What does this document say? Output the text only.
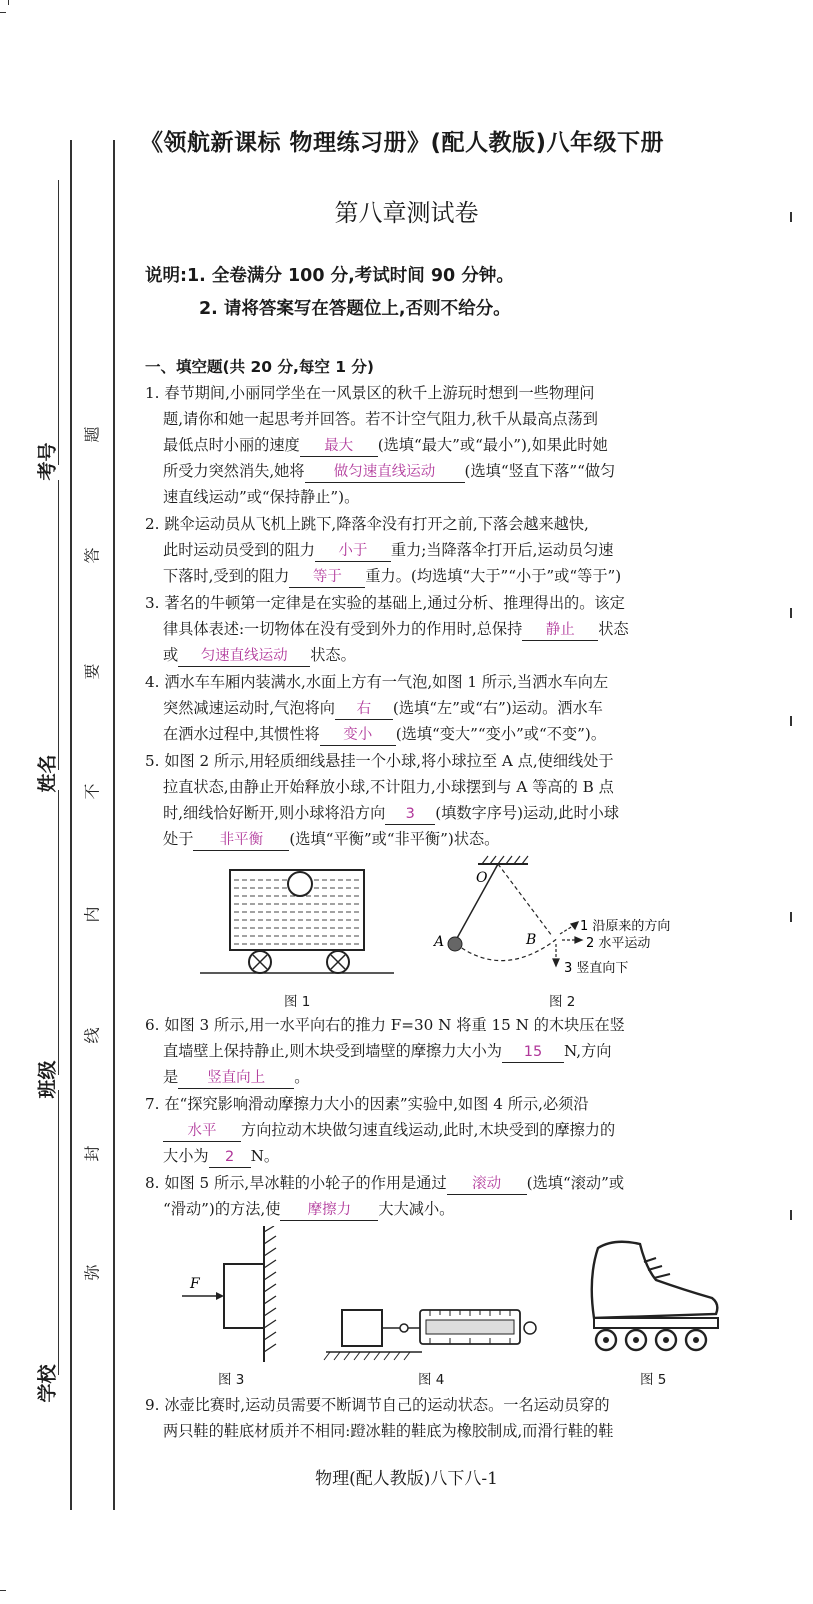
考号
姓名
班级
学校
题
答
要
不
内
线
封
弥
《领航新课标 物理练习册》(配人教版)八年级下册
第八章测试卷
说明:1. 全卷满分 100 分,考试时间 90 分钟。
2. 请将答案写在答题位上,否则不给分。
一、填空题(共 20 分,每空 1 分)
1. 春节期间,小丽同学坐在一风景区的秋千上游玩时想到一些物理问
题,请你和她一起思考并回答。若不计空气阻力,秋千从最高点荡到
最低点时小丽的速度 最大 (选填“最大”或“最小”),如果此时她
所受力突然消失,她将 做匀速直线运动 (选填“竖直下落”“做匀
速直线运动”或“保持静止”)。
2. 跳伞运动员从飞机上跳下,降落伞没有打开之前,下落会越来越快,
此时运动员受到的阻力 小于 重力;当降落伞打开后,运动员匀速
下落时,受到的阻力 等于 重力。(均选填“大于”“小于”或“等于”)
3. 著名的牛顿第一定律是在实验的基础上,通过分析、推理得出的。该定
律具体表述:一切物体在没有受到外力的作用时,总保持 静止 状态
或 匀速直线运动 状态。
4. 洒水车车厢内装满水,水面上方有一气泡,如图 1 所示,当洒水车向左
突然减速运动时,气泡将向 右 (选填“左”或“右”)运动。洒水车
在洒水过程中,其惯性将 变小 (选填“变大”“变小”或“不变”)。
5. 如图 2 所示,用轻质细线悬挂一个小球,将小球拉至 A 点,使细线处于
拉直状态,由静止开始释放小球,不计阻力,小球摆到与 A 等高的 B 点
时,细线恰好断开,则小球将沿方向 3 (填数字序号)运动,此时小球
处于 非平衡 (选填“平衡”或“非平衡”)状态。
图 1
O
A	B
1 沿原来的方向
2 水平运动
3 竖直向下
图 2
6. 如图 3 所示,用一水平向右的推力 F=30 N 将重 15 N 的木块压在竖
直墙壁上保持静止,则木块受到墙壁的摩擦力大小为 15 N,方向
是 竖直向上 。
7. 在“探究影响滑动摩擦力大小的因素”实验中,如图 4 所示,必须沿
水平 方向拉动木块做匀速直线运动,此时,木块受到的摩擦力的
大小为 2 N。
8. 如图 5 所示,旱冰鞋的小轮子的作用是通过 滚动 (选填“滚动”或
“滑动”)的方法,使 摩擦力 大大减小。
F
图 3	图 4	图 5
9. 冰壶比赛时,运动员需要不断调节自己的运动状态。一名运动员穿的
两只鞋的鞋底材质并不相同:蹬冰鞋的鞋底为橡胶制成,而滑行鞋的鞋
物理(配人教版)八下八-1
